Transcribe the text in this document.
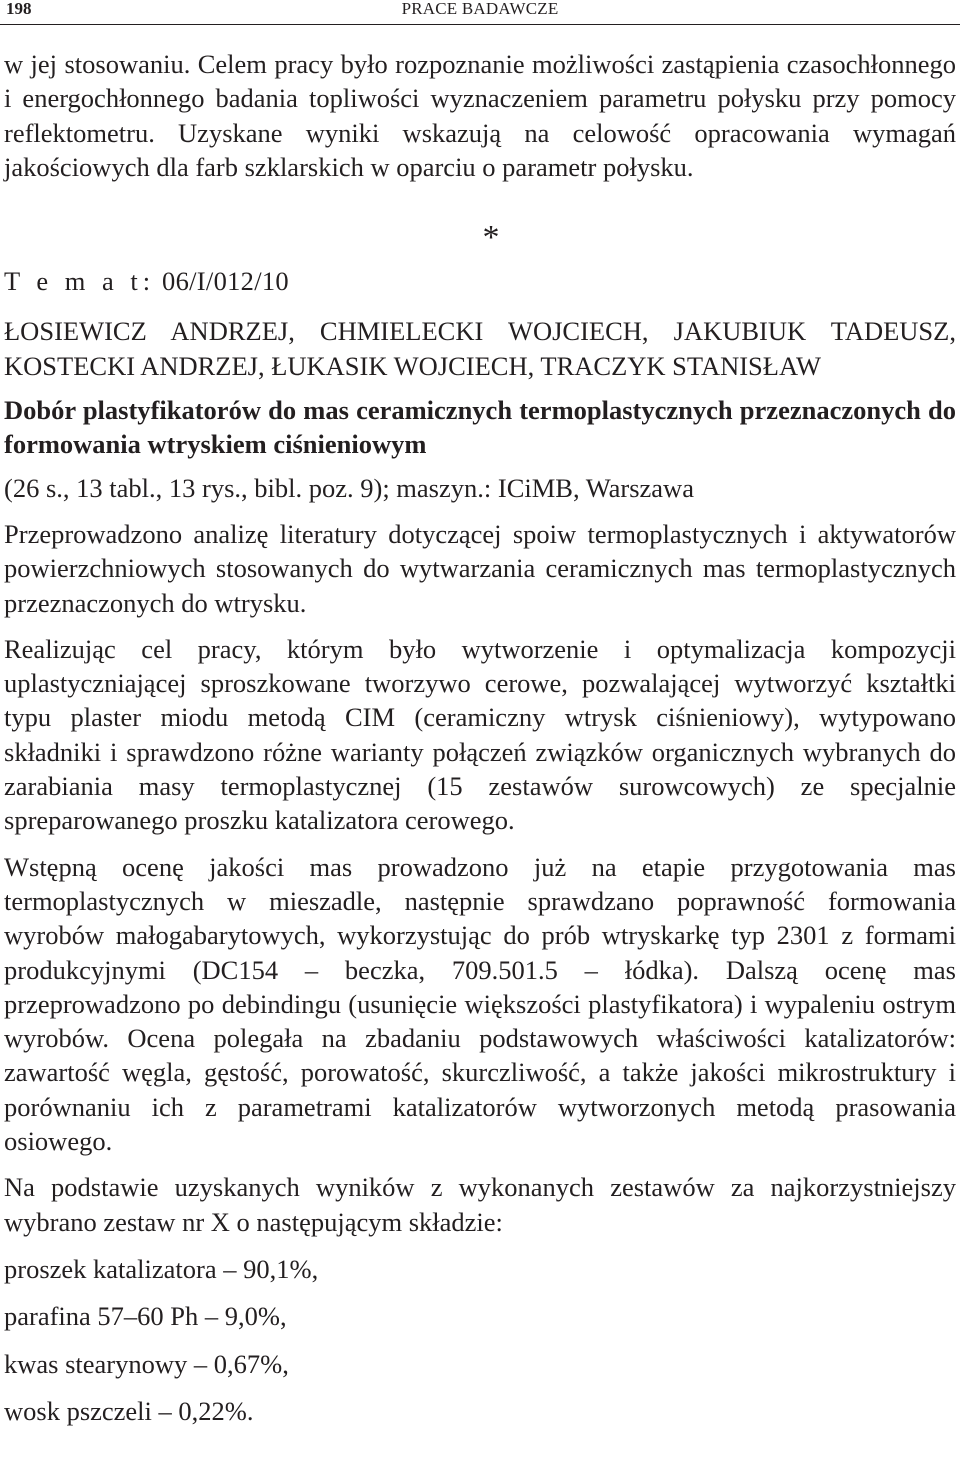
198	PRACE BADAWCZE

w jej stosowaniu. Celem pracy było rozpoznanie możliwości zastąpienia czasochłonnego i energochłonnego badania topliwości wyznaczeniem parametru połysku przy pomocy reflektometru. Uzyskane wyniki wskazują na celowość opracowania wymagań jakościowych dla farb szklarskich w oparciu o parametr połysku.

*

T e m a t: 06/I/012/10

ŁOSIEWICZ ANDRZEJ, CHMIELECKI WOJCIECH, JAKUBIUK TADEUSZ, KOSTECKI ANDRZEJ, ŁUKASIK WOJCIECH, TRACZYK STANISŁAW

Dobór plastyfikatorów do mas ceramicznych termoplastycznych przeznaczonych do formowania wtryskiem ciśnieniowym

(26 s., 13 tabl., 13 rys., bibl. poz. 9); maszyn.: ICiMB, Warszawa

Przeprowadzono analizę literatury dotyczącej spoiw termoplastycznych i aktywatorów powierzchniowych stosowanych do wytwarzania ceramicznych mas termoplastycznych przeznaczonych do wtrysku.

Realizując cel pracy, którym było wytworzenie i optymalizacja kompozycji uplastyczniającej sproszkowane tworzywo cerowe, pozwalającej wytworzyć kształtki typu plaster miodu metodą CIM (ceramiczny wtrysk ciśnieniowy), wytypowano składniki i sprawdzono różne warianty połączeń związków organicznych wybranych do zarabiania masy termoplastycznej (15 zestawów surowcowych) ze specjalnie spreparowanego proszku katalizatora cerowego.

Wstępną ocenę jakości mas prowadzono już na etapie przygotowania mas termoplastycznych w mieszadle, następnie sprawdzano poprawność formowania wyrobów małogabarytowych, wykorzystując do prób wtryskarkę typ 2301 z formami produkcyjnymi (DC154 – beczka, 709.501.5 – łódka). Dalszą ocenę mas przeprowadzono po debindingu (usunięcie większości plastyfikatora) i wypaleniu ostrym wyrobów. Ocena polegała na zbadaniu podstawowych właściwości katalizatorów: zawartość węgla, gęstość, porowatość, skurczliwość, a także jakości mikrostruktury i porównaniu ich z parametrami katalizatorów wytworzonych metodą prasowania osiowego.

Na podstawie uzyskanych wyników z wykonanych zestawów za najkorzystniejszy wybrano zestaw nr X o następującym składzie:

proszek katalizatora – 90,1%,

parafina 57–60 Ph – 9,0%,

kwas stearynowy – 0,67%,

wosk pszczeli – 0,22%.
